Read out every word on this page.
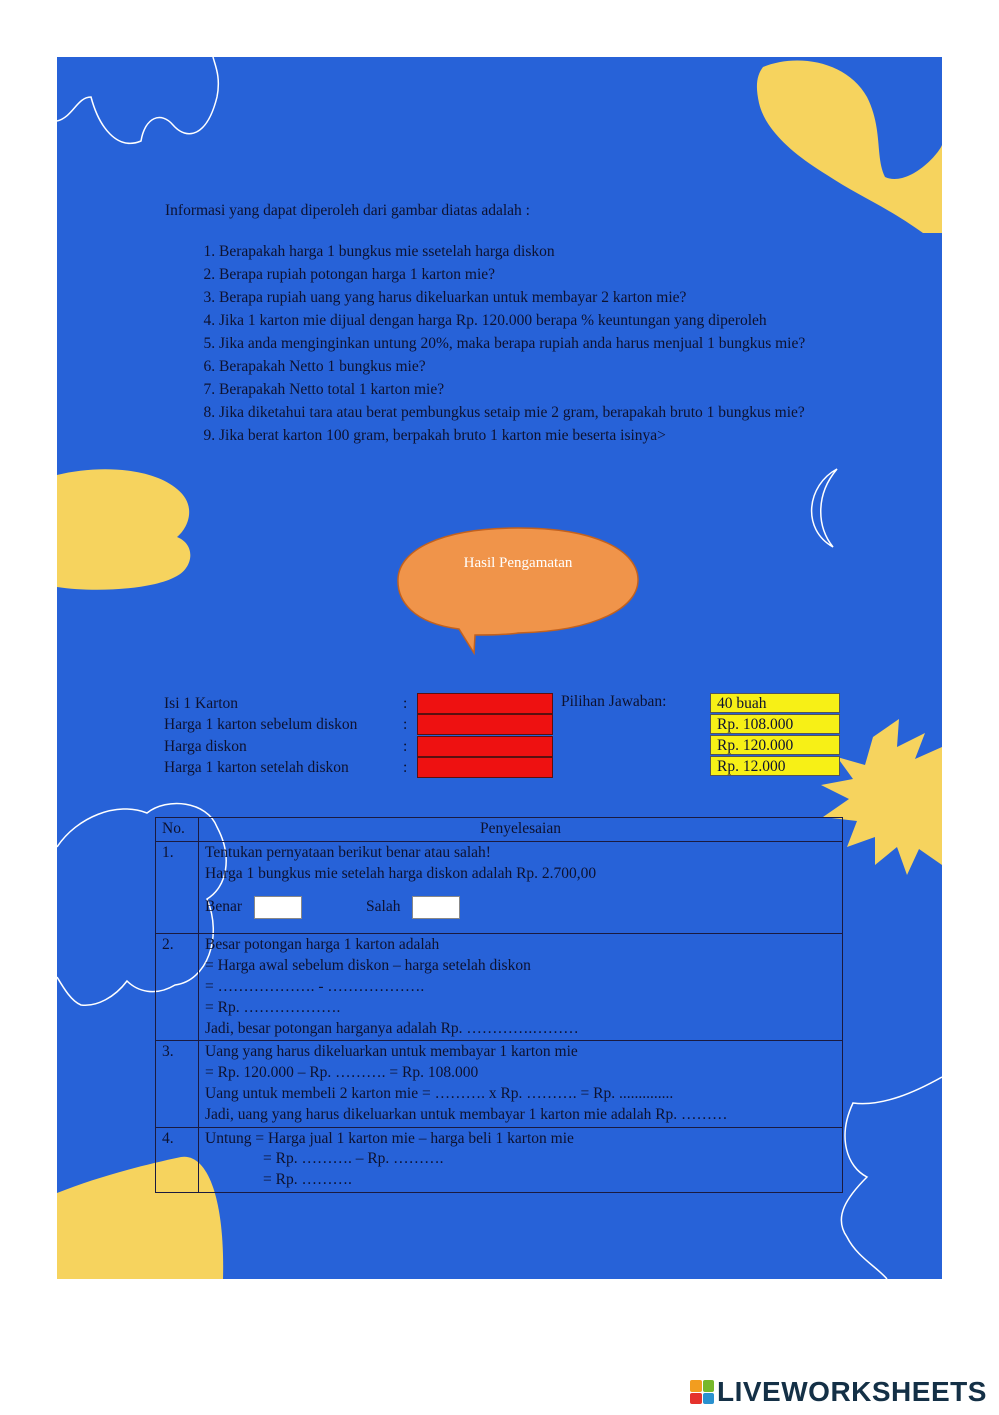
Informasi yang dapat diperoleh dari gambar diatas adalah :
1. Berapakah harga 1 bungkus mie ssetelah harga diskon
2. Berapa rupiah potongan harga 1 karton mie?
3. Berapa rupiah uang yang harus dikeluarkan untuk membayar 2 karton mie?
4. Jika 1 karton mie dijual dengan harga Rp. 120.000 berapa % keuntungan yang diperoleh
5. Jika anda menginginkan untung 20%, maka berapa rupiah anda harus menjual 1 bungkus mie?
6. Berapakah Netto 1 bungkus mie?
7. Berapakah Netto total 1 karton mie?
8. Jika diketahui tara atau berat pembungkus setaip mie 2 gram, berapakah bruto 1 bungkus mie?
9. Jika berat karton 100 gram, berpakah bruto 1 karton mie beserta isinya>
Hasil Pengamatan
Isi 1 Karton	:
Harga 1 karton sebelum diskon	:
Harga diskon	:
Harga 1 karton setelah diskon	:
Pilihan Jawaban:	40 buah
Rp. 108.000
Rp. 120.000
Rp. 12.000
No.	Penyelesaian
1.	Tentukan pernyataan berikut benar atau salah!
Harga 1 bungkus mie setelah harga diskon adalah Rp. 2.700,00
Benar Salah

2.	Besar potongan harga 1 karton adalah
= Harga awal sebelum diskon – harga setelah diskon
= ………………. - ……………….
= Rp. ……………….
Jadi, besar potongan harganya adalah Rp. ………….………

3.	Uang yang harus dikeluarkan untuk membayar 1 karton mie
= Rp. 120.000 – Rp. ………. = Rp. 108.000
Uang untuk membeli 2 karton mie = ………. x Rp. ………. = Rp. ..............
Jadi, uang yang harus dikeluarkan untuk membayar 1 karton mie adalah Rp. ………

4.	Untung = Harga jual 1 karton mie – harga beli 1 karton mie
= Rp. ………. – Rp. ……….
= Rp. ……….
LIVEWORKSHEETS
